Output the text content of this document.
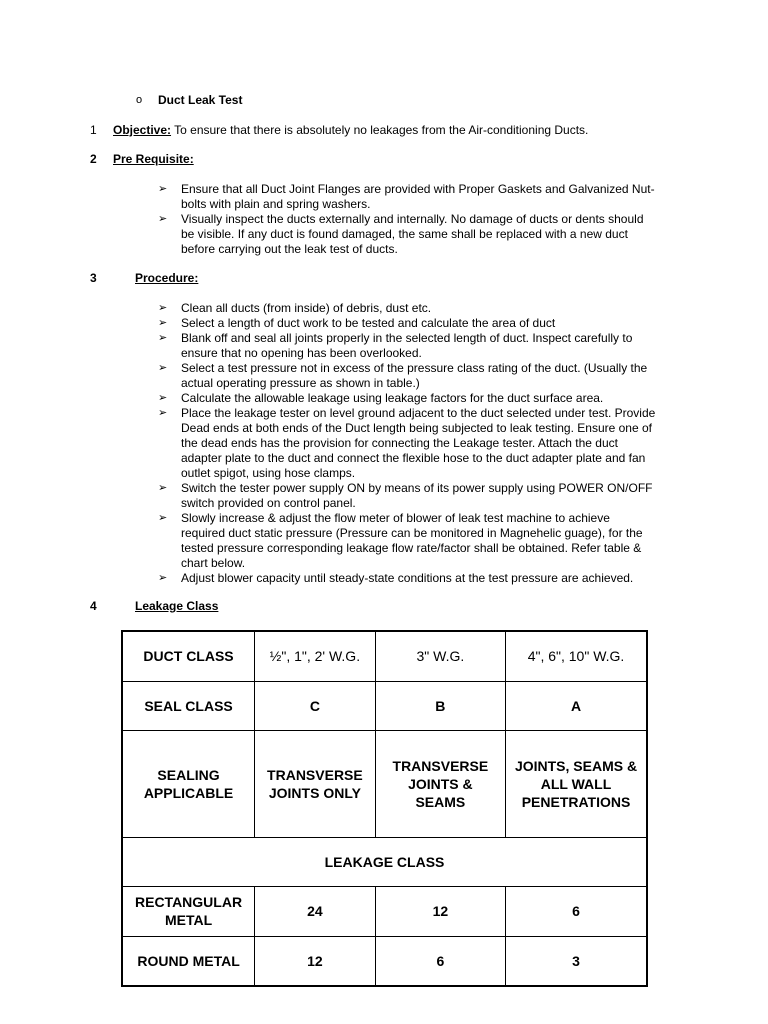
o Duct Leak Test
1 Objective: To ensure that there is absolutely no leakages from the Air-conditioning Ducts.
2 Pre Requisite:
➢ Ensure that all Duct Joint Flanges are provided with Proper Gaskets and Galvanized Nut-
bolts with plain and spring washers.
➢ Visually inspect the ducts externally and internally. No damage of ducts or dents should
be visible. If any duct is found damaged, the same shall be replaced with a new duct
before carrying out the leak test of ducts.
3	Procedure:
➢ Clean all ducts (from inside) of debris, dust etc.
➢ Select a length of duct work to be tested and calculate the area of duct
➢ Blank off and seal all joints properly in the selected length of duct. Inspect carefully to
ensure that no opening has been overlooked.
➢ Select a test pressure not in excess of the pressure class rating of the duct. (Usually the
actual operating pressure as shown in table.)
➢ Calculate the allowable leakage using leakage factors for the duct surface area.
➢ Place the leakage tester on level ground adjacent to the duct selected under test. Provide
Dead ends at both ends of the Duct length being subjected to leak testing. Ensure one of
the dead ends has the provision for connecting the Leakage tester. Attach the duct
adapter plate to the duct and connect the flexible hose to the duct adapter plate and fan
outlet spigot, using hose clamps.
➢ Switch the tester power supply ON by means of its power supply using POWER ON/OFF
switch provided on control panel.
➢ Slowly increase & adjust the flow meter of blower of leak test machine to achieve
required duct static pressure (Pressure can be monitored in Magnehelic guage), for the
tested pressure corresponding leakage flow rate/factor shall be obtained. Refer table &
chart below.
➢ Adjust blower capacity until steady-state conditions at the test pressure are achieved.
4	Leakage Class
DUCT CLASS	½", 1", 2' W.G.	3" W.G.	4", 6", 10" W.G.
SEAL CLASS	C	B	A
SEALING
APPLICABLE	TRANSVERSE
JOINTS ONLY	TRANSVERSE
JOINTS &
SEAMS	JOINTS, SEAMS &
ALL WALL
PENETRATIONS
LEAKAGE CLASS			
RECTANGULAR
METAL	24	12	6
ROUND METAL	12	6	3
